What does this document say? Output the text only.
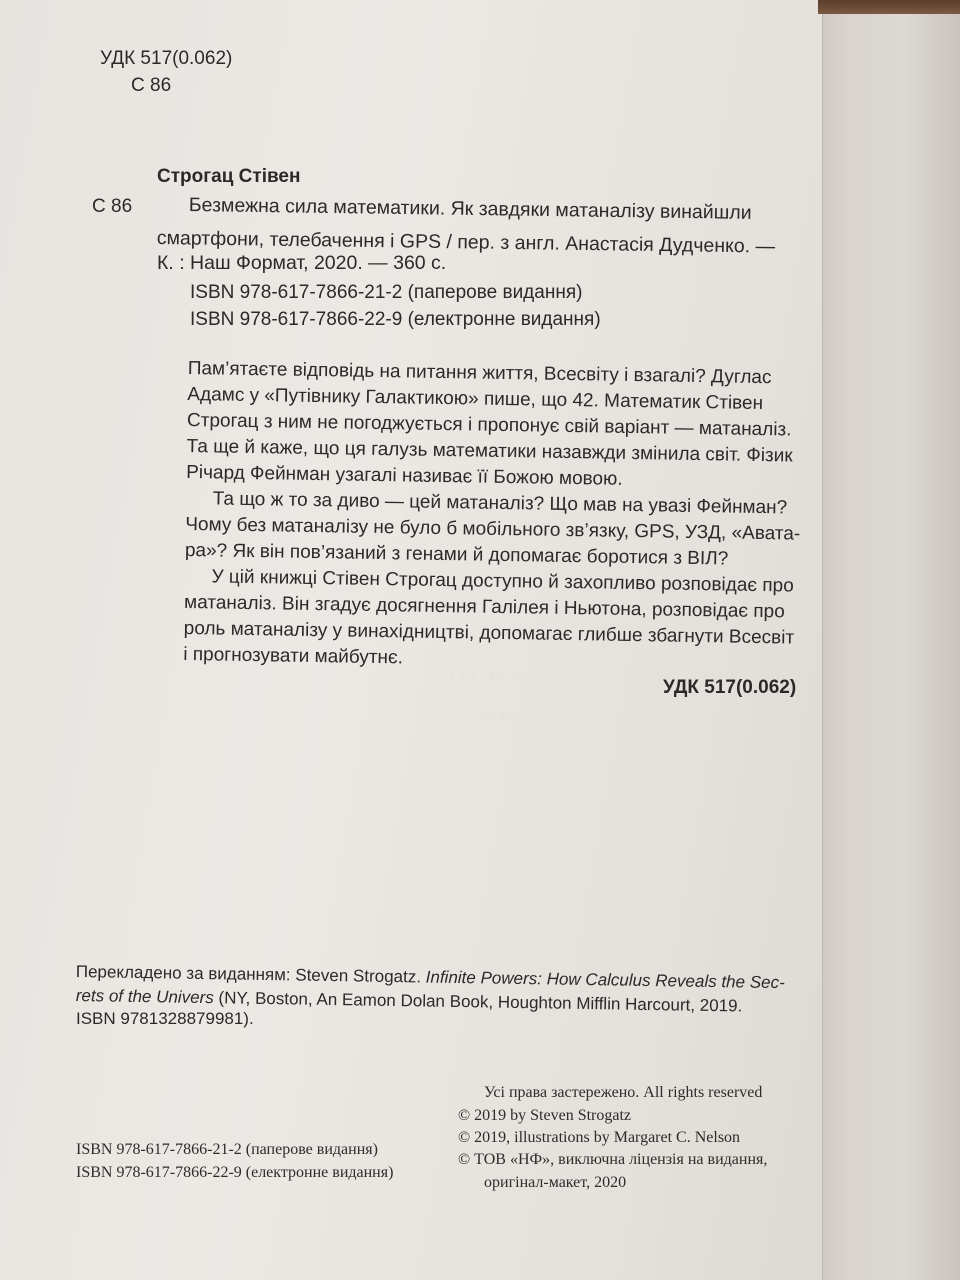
· · · · · · · · · ·
· · · · · · · ·
УДК 517(0.062)
С 86
Строгац Стівен
С 86	Безмежна сила математики. Як завдяки матаналізу винайшли
смартфони, телебачення і GPS / пер. з англ. Анастасія Дудченко. —
К. : Наш Формат, 2020. — 360 с.
ISBN 978-617-7866-21-2 (паперове видання)
ISBN 978-617-7866-22-9 (електронне видання)
Пам’ятаєте відповідь на питання життя, Всесвіту і взагалі? Дуглас
Адамс у «Путівнику Галактикою» пише, що 42. Математик Стівен
Строгац з ним не погоджується і пропонує свій варіант — матаналіз.
Та ще й каже, що ця галузь математики назавжди змінила світ. Фізик
Річард Фейнман узагалі називає її Божою мовою.
Та що ж то за диво — цей матаналіз? Що мав на увазі Фейнман?
Чому без матаналізу не було б мобільного зв’язку, GPS, УЗД, «Авата-
ра»? Як він пов’язаний з генами й допомагає боротися з ВІЛ?
У цій книжці Стівен Строгац доступно й захопливо розповідає про
матаналіз. Він згадує досягнення Галілея і Ньютона, розповідає про
роль матаналізу у винахідництві, допомагає глибше збагнути Всесвіт
і прогнозувати майбутнє.
УДК 517(0.062)
Перекладено за виданням: Steven Strogatz. Infinite Powers: How Calculus Reveals the Sec-
rets of the Univers (NY, Boston, An Eamon Dolan Book, Houghton Mifflin Harcourt, 2019.
ISBN 9781328879981).
Усі права застережено. All rights reserved
© 2019 by Steven Strogatz
© 2019, illustrations by Margaret C. Nelson
© ТОВ «НФ», виключна ліцензія на видання,
оригінал-макет, 2020
ISBN 978-617-7866-21-2 (паперове видання)
ISBN 978-617-7866-22-9 (електронне видання)
